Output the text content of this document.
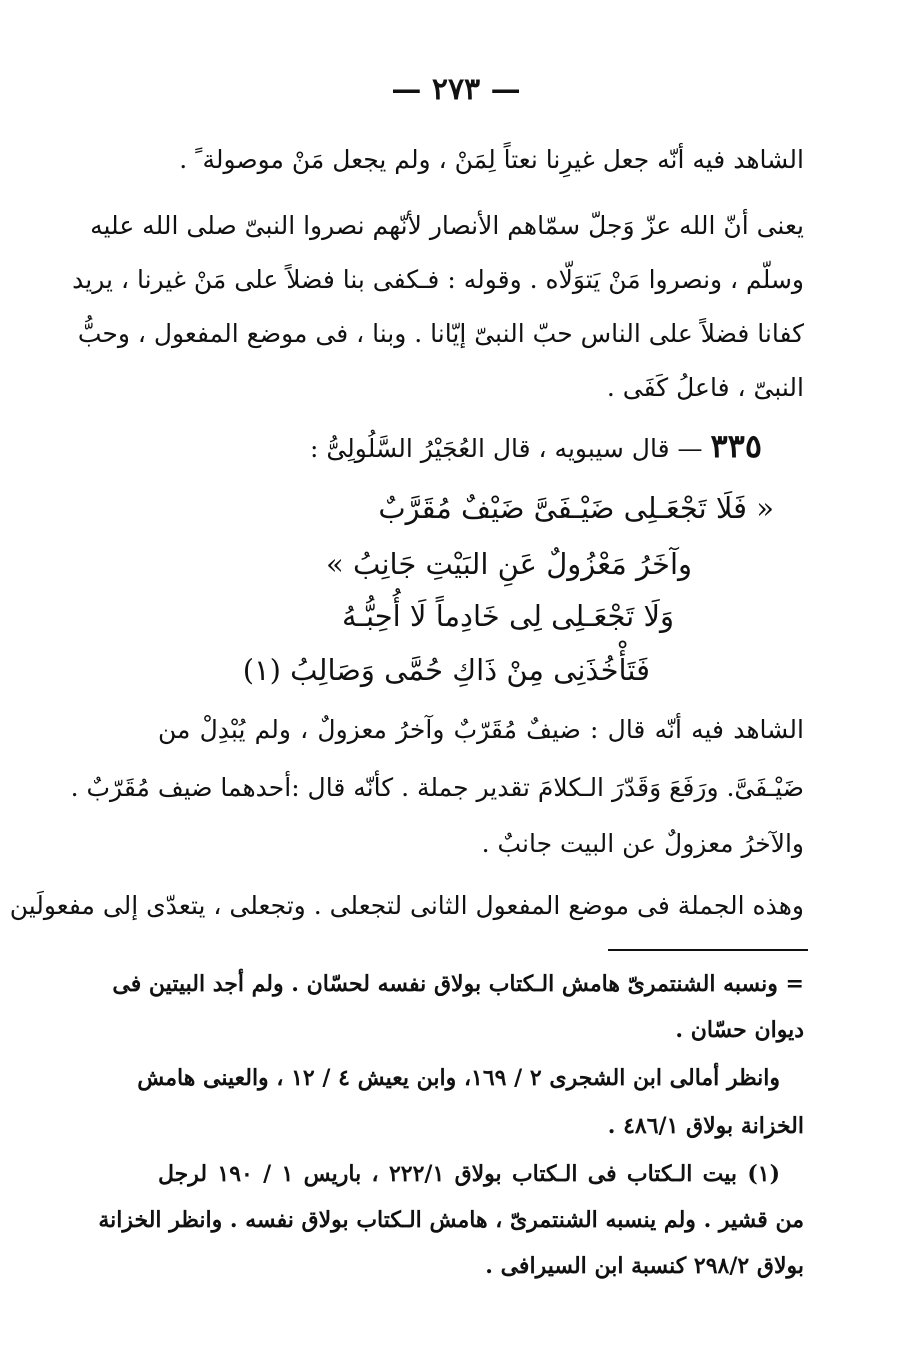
— ٢٧٣ —
الشاهد فيه أنّه جعل غيرِنا نعتاً لِمَنْ ، ولم يجعل مَنْ موصولة ً .
يعنى أنّ الله عزّ وَجلّ سمّاهم الأنصار لأنّهم نصروا النبىّ صلى الله عليه
وسلّم ، ونصروا مَنْ يَتوَلّاه . وقوله : فـكفى بنا فضلاً على مَنْ غيرنا ، يريد
كفانا فضلاً على الناس حبّ النبىّ إيّانا . وبنا ، فى موضع المفعول ، وحبُّ
النبىّ ، فاعلُ كَفَى .
٣٣٥ — قال سيبويه ، قال العُجَيْرُ السَّلُولِىُّ :
« فَلَا تَجْعَـلِى ضَيْـفَىَّ ضَيْفٌ مُقَرَّبٌ
وآخَرُ مَعْزُولٌ عَنِ البَيْتِ جَانِبُ »
وَلَا تَجْعَـلِى لِى خَادِماً لَا أُحِبُّـهُ
فَتَأْخُذَنِى مِنْ ذَاكِ حُمَّى وَصَالِبُ (١)
الشاهد فيه أنّه قال : ضيفٌ مُقَرّبٌ وآخرُ معزولٌ ، ولم يُبْدِلْ من
ضَيْـفَىَّ. ورَفَعَ وَقَدّرَ الـكلامَ تقدير جملة . كأنّه قال :أحدهما ضيف مُقَرّبٌ .
والآخرُ معزولٌ عن البيت جانبٌ .
وهذه الجملة فى موضع المفعول الثانى لتجعلى . وتجعلى ، يتعدّى إلى مفعولَين
= ونسبه الشنتمرىّ هامش الـكتاب بولاق نفسه لحسّان . ولم أجد البيتين فى
ديوان حسّان .
وانظر أمالى ابن الشجرى ٢ / ١٦٩، وابن يعيش ٤ / ١٢ ، والعينى هامش
الخزانة بولاق ٤٨٦/١ .
(١) بيت الـكتاب فى الـكتاب بولاق ٢٢٢/١ ، باريس ١ / ١٩٠ لرجل
من قشير . ولم ينسبه الشنتمرىّ ، هامش الـكتاب بولاق نفسه . وانظر الخزانة
بولاق ٢٩٨/٢ كنسبة ابن السيرافى .
